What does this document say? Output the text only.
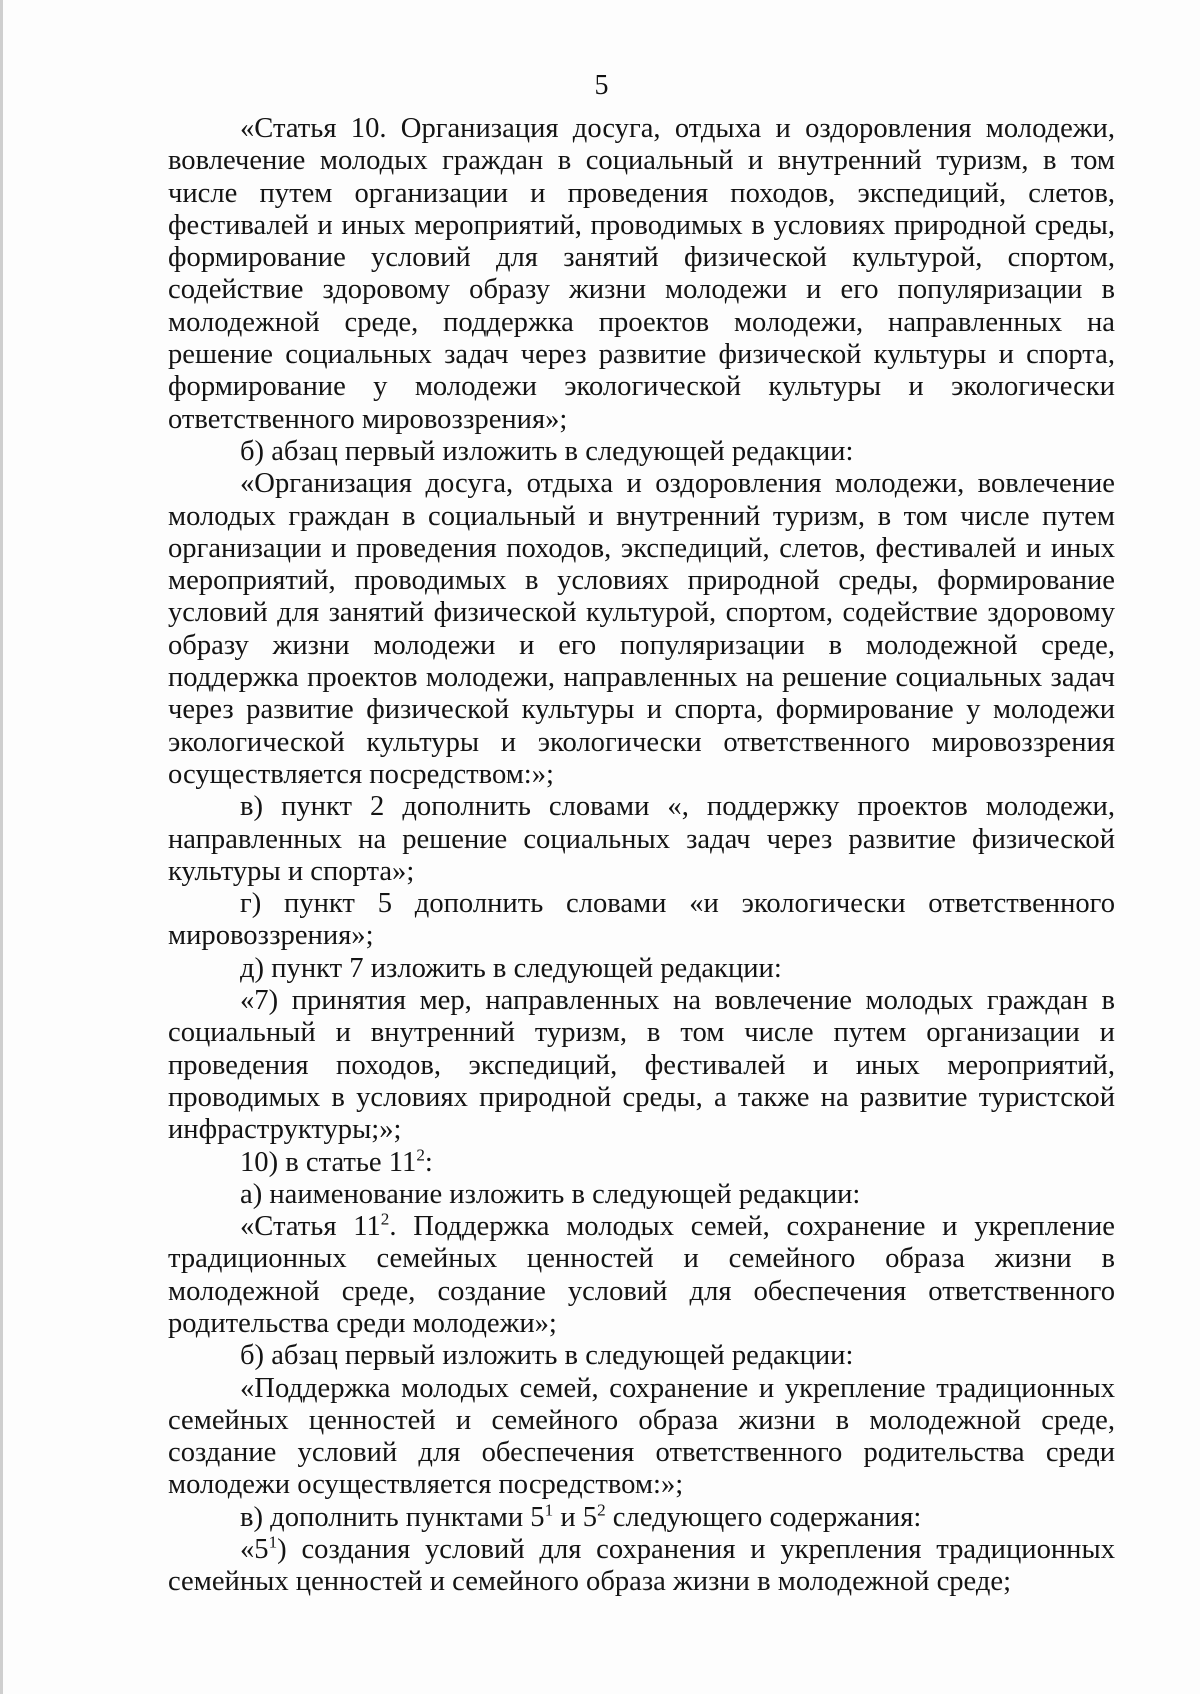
5

«Статья 10. Организация досуга, отдыха и оздоровления молодежи, вовлечение молодых граждан в социальный и внутренний туризм, в том числе путем организации и проведения походов, экспедиций, слетов, фестивалей и иных мероприятий, проводимых в условиях природной среды, формирование условий для занятий физической культурой, спортом, содействие здоровому образу жизни молодежи и его популяризации в молодежной среде, поддержка проектов молодежи, направленных на решение социальных задач через развитие физической культуры и спорта, формирование у молодежи экологической культуры и экологически ответственного мировоззрения»;

б) абзац первый изложить в следующей редакции:

«Организация досуга, отдыха и оздоровления молодежи, вовлечение молодых граждан в социальный и внутренний туризм, в том числе путем организации и проведения походов, экспедиций, слетов, фестивалей и иных мероприятий, проводимых в условиях природной среды, формирование условий для занятий физической культурой, спортом, содействие здоровому образу жизни молодежи и его популяризации в молодежной среде, поддержка проектов молодежи, направленных на решение социальных задач через развитие физической культуры и спорта, формирование у молодежи экологической культуры и экологически ответственного мировоззрения осуществляется посредством:»;

в) пункт 2 дополнить словами «, поддержку проектов молодежи, направленных на решение социальных задач через развитие физической культуры и спорта»;

г) пункт 5 дополнить словами «и экологически ответственного мировоззрения»;

д) пункт 7 изложить в следующей редакции:

«7) принятия мер, направленных на вовлечение молодых граждан в социальный и внутренний туризм, в том числе путем организации и проведения походов, экспедиций, фестивалей и иных мероприятий, проводимых в условиях природной среды, а также на развитие туристской инфраструктуры;»;

10) в статье $11^2$:

а) наименование изложить в следующей редакции:

«Статья $11^2$. Поддержка молодых семей, сохранение и укрепление традиционных семейных ценностей и семейного образа жизни в молодежной среде, создание условий для обеспечения ответственного родительства среди молодежи»;

б) абзац первый изложить в следующей редакции:

«Поддержка молодых семей, сохранение и укрепление традиционных семейных ценностей и семейного образа жизни в молодежной среде, создание условий для обеспечения ответственного родительства среди молодежи осуществляется посредством:»;

в) дополнить пунктами $5^1$ и $5^2$ следующего содержания:

«$5^1$) создания условий для сохранения и укрепления традиционных семейных ценностей и семейного образа жизни в молодежной среде;
